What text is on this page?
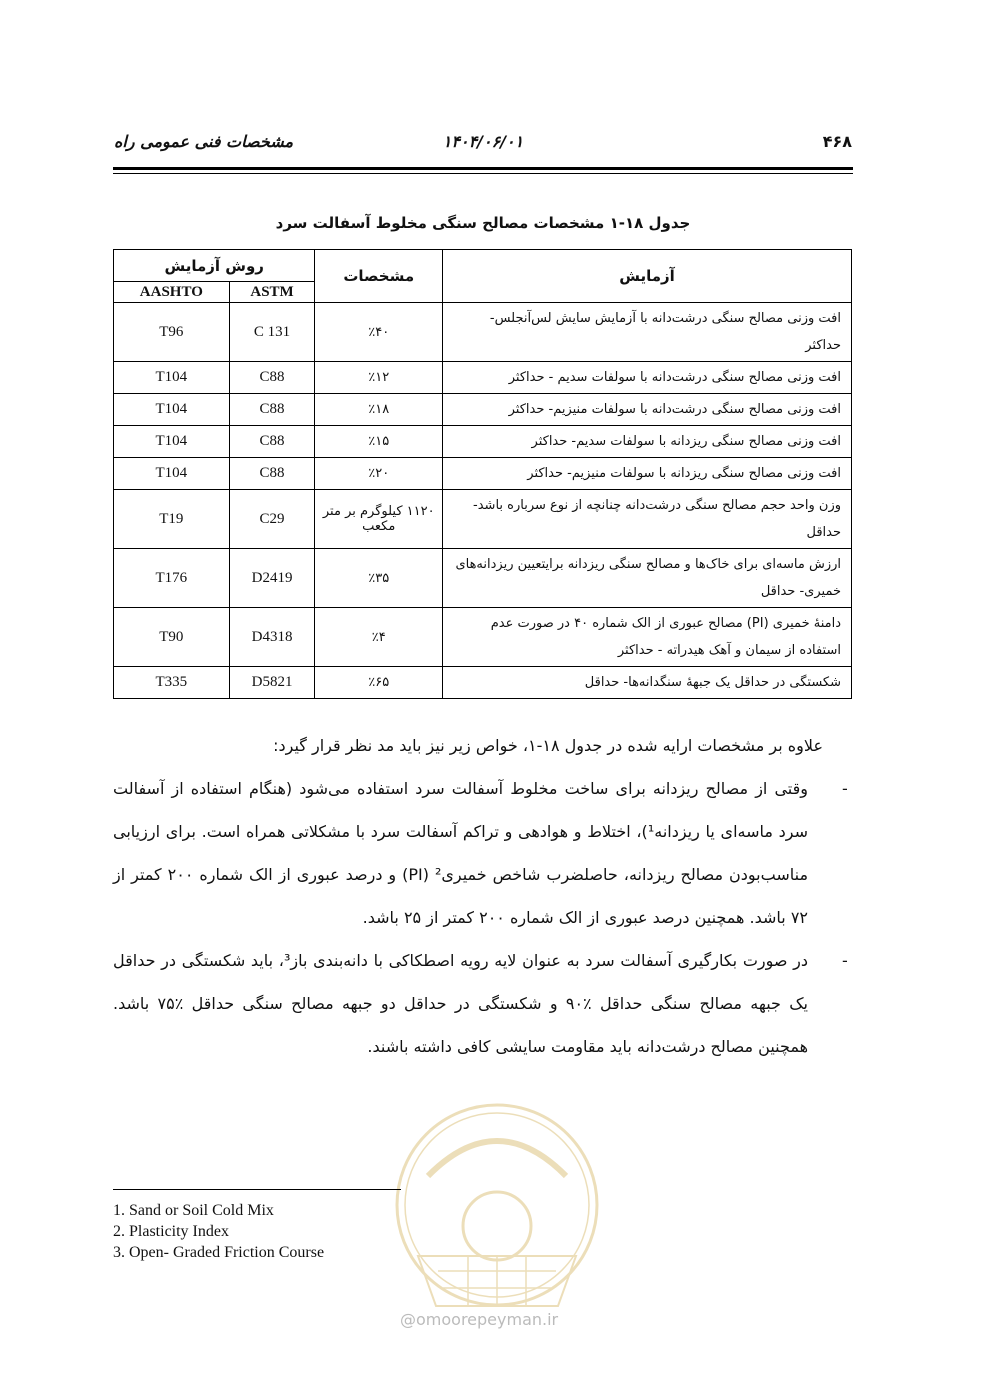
۴۶۸
۱۴۰۴/۰۶/۰۱
مشخصات فنی عمومی راه
جدول ۱۸-۱ مشخصات مصالح سنگی مخلوط آسفالت سرد
آزمایش	مشخصات	روش آزمایش	
		ASTM	AASHTO
افت وزنی مصالح سنگی درشت‌دانه با آزمایش سایش لس‌آنجلس- حداکثر	٪۴۰	C 131	T96
افت وزنی مصالح سنگی درشت‌دانه با سولفات سدیم - حداکثر	٪۱۲	C88	T104
افت وزنی مصالح سنگی درشت‌دانه با سولفات منیزیم- حداکثر	٪۱۸	C88	T104
افت وزنی مصالح سنگی ریزدانه با سولفات سدیم- حداکثر	٪۱۵	C88	T104
افت وزنی مصالح سنگی ریزدانه با سولفات منیزیم- حداکثر	٪۲۰	C88	T104
وزن واحد حجم مصالح سنگی درشت‌دانه چنانچه از نوع سرباره باشد- حداقل	۱۱۲۰ کیلوگرم بر متر مکعب	C29	T19
ارزش ماسه‌ای برای خاک‌ها و مصالح سنگی ریزدانه برایتعیین ریزدانه‌های خمیری- حداقل	٪۳۵	D2419	T176
دامنهٔ خمیری (PI) مصالح عبوری از الک شماره ۴۰ در صورت عدم استفاده از سیمان و آهک هیدراته - حداکثر	٪۴	D4318	T90
شکستگی در حداقل یک جبههٔ سنگدانه‌ها- حداقل	٪۶۵	D5821	T335
علاوه بر مشخصات ارایه شده در جدول ۱۸-۱، خواص زیر نیز باید مد نظر قرار گیرد:
-
وقتی از مصالح ریزدانه برای ساخت مخلوط آسفالت سرد استفاده می‌شود (هنگام استفاده از آسفالت سرد ماسه‌ای یا ریزدانه¹)، اختلاط و هوادهی و تراکم آسفالت سرد با مشکلاتی همراه است. برای ارزیابی مناسب‌بودن مصالح ریزدانه، حاصلضرب شاخص خمیری² (PI) و درصد عبوری از الک شماره ۲۰۰ کمتر از ۷۲ باشد. همچنین درصد عبوری از الک شماره ۲۰۰ کمتر از ۲۵ باشد.
-
در صورت بکارگیری آسفالت سرد به عنوان لایه رویه اصطکاکی با دانه‌بندی باز³، باید شکستگی در حداقل یک جبهه مصالح سنگی حداقل ٪۹۰ و شکستگی در حداقل دو جبهه مصالح سنگی حداقل ٪۷۵ باشد. همچنین مصالح درشت‌دانه باید مقاومت سایشی کافی داشته باشند.
@omoorepeyman.ir
1. Sand or Soil Cold Mix
2. Plasticity Index
3. Open- Graded Friction Course
